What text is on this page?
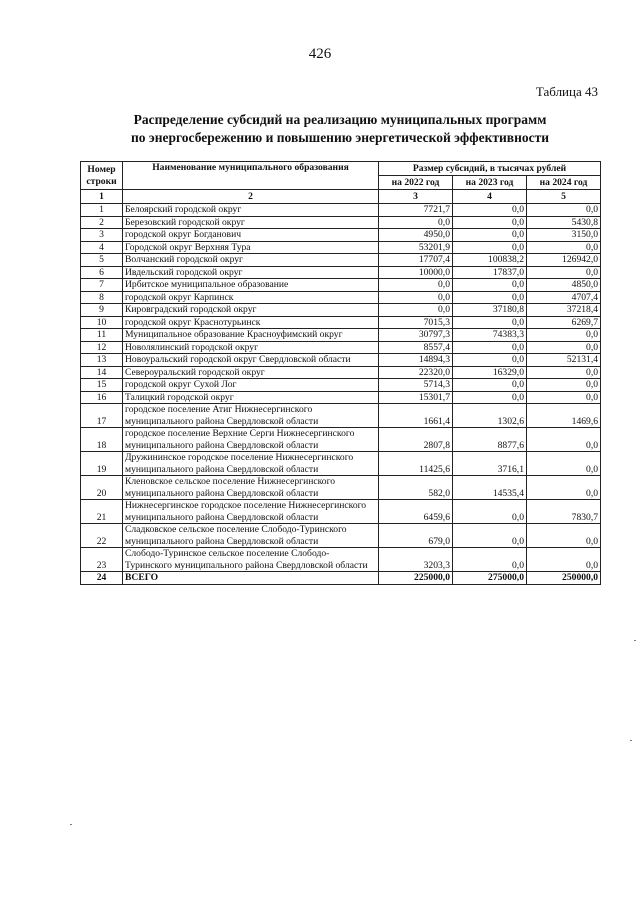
426
Таблица 43
Распределение субсидий на реализацию муниципальных программ
по энергосбережению и повышению энергетической эффективности
Номер строки	Наименование муниципального образования	Размер субсидий, в тысячах рублей		
		на 2022 год	на 2023 год	на 2024 год
1	2	3	4	5
1	Белоярский городской округ	7721,7	0,0	0,0
2	Березовский городской округ	0,0	0,0	5430,8
3	городской округ Богданович	4950,0	0,0	3150,0
4	Городской округ Верхняя Тура	53201,9	0,0	0,0
5	Волчанский городской округ	17707,4	100838,2	126942,0
6	Ивдельский городской округ	10000,0	17837,0	0,0
7	Ирбитское муниципальное образование	0,0	0,0	4850,0
8	городской округ Карпинск	0,0	0,0	4707,4
9	Кировградский городской округ	0,0	37180,8	37218,4
10	городской округ Краснотурьинск	7015,3	0,0	6269,7
11	Муниципальное образование Красноуфимский округ	30797,3	74383,3	0,0
12	Новолялинский городской округ	8557,4	0,0	0,0
13	Новоуральский городской округ Свердловской области	14894,3	0,0	52131,4
14	Североуральский городской округ	22320,0	16329,0	0,0
15	городской округ Сухой Лог	5714,3	0,0	0,0
16	Талицкий городской округ	15301,7	0,0	0,0
17	городское поселение Атиг Нижнесергинского муниципального района Свердловской области	1661,4	1302,6	1469,6
18	городское поселение Верхние Серги Нижнесергинского муниципального района Свердловской области	2807,8	8877,6	0,0
19	Дружининское городское поселение Нижнесергинского муниципального района Свердловской области	11425,6	3716,1	0,0
20	Кленовское сельское поселение Нижнесергинского муниципального района Свердловской области	582,0	14535,4	0,0
21	Нижнесергинское городское поселение Нижнесергинского муниципального района Свердловской области	6459,6	0,0	7830,7
22	Сладковское сельское поселение Слободо-Туринского муниципального района Свердловской области	679,0	0,0	0,0
23	Слободо-Туринское сельское поселение Слободо-Туринского муниципального района Свердловской области	3203,3	0,0	0,0
24	ВСЕГО	225000,0	275000,0	250000,0
